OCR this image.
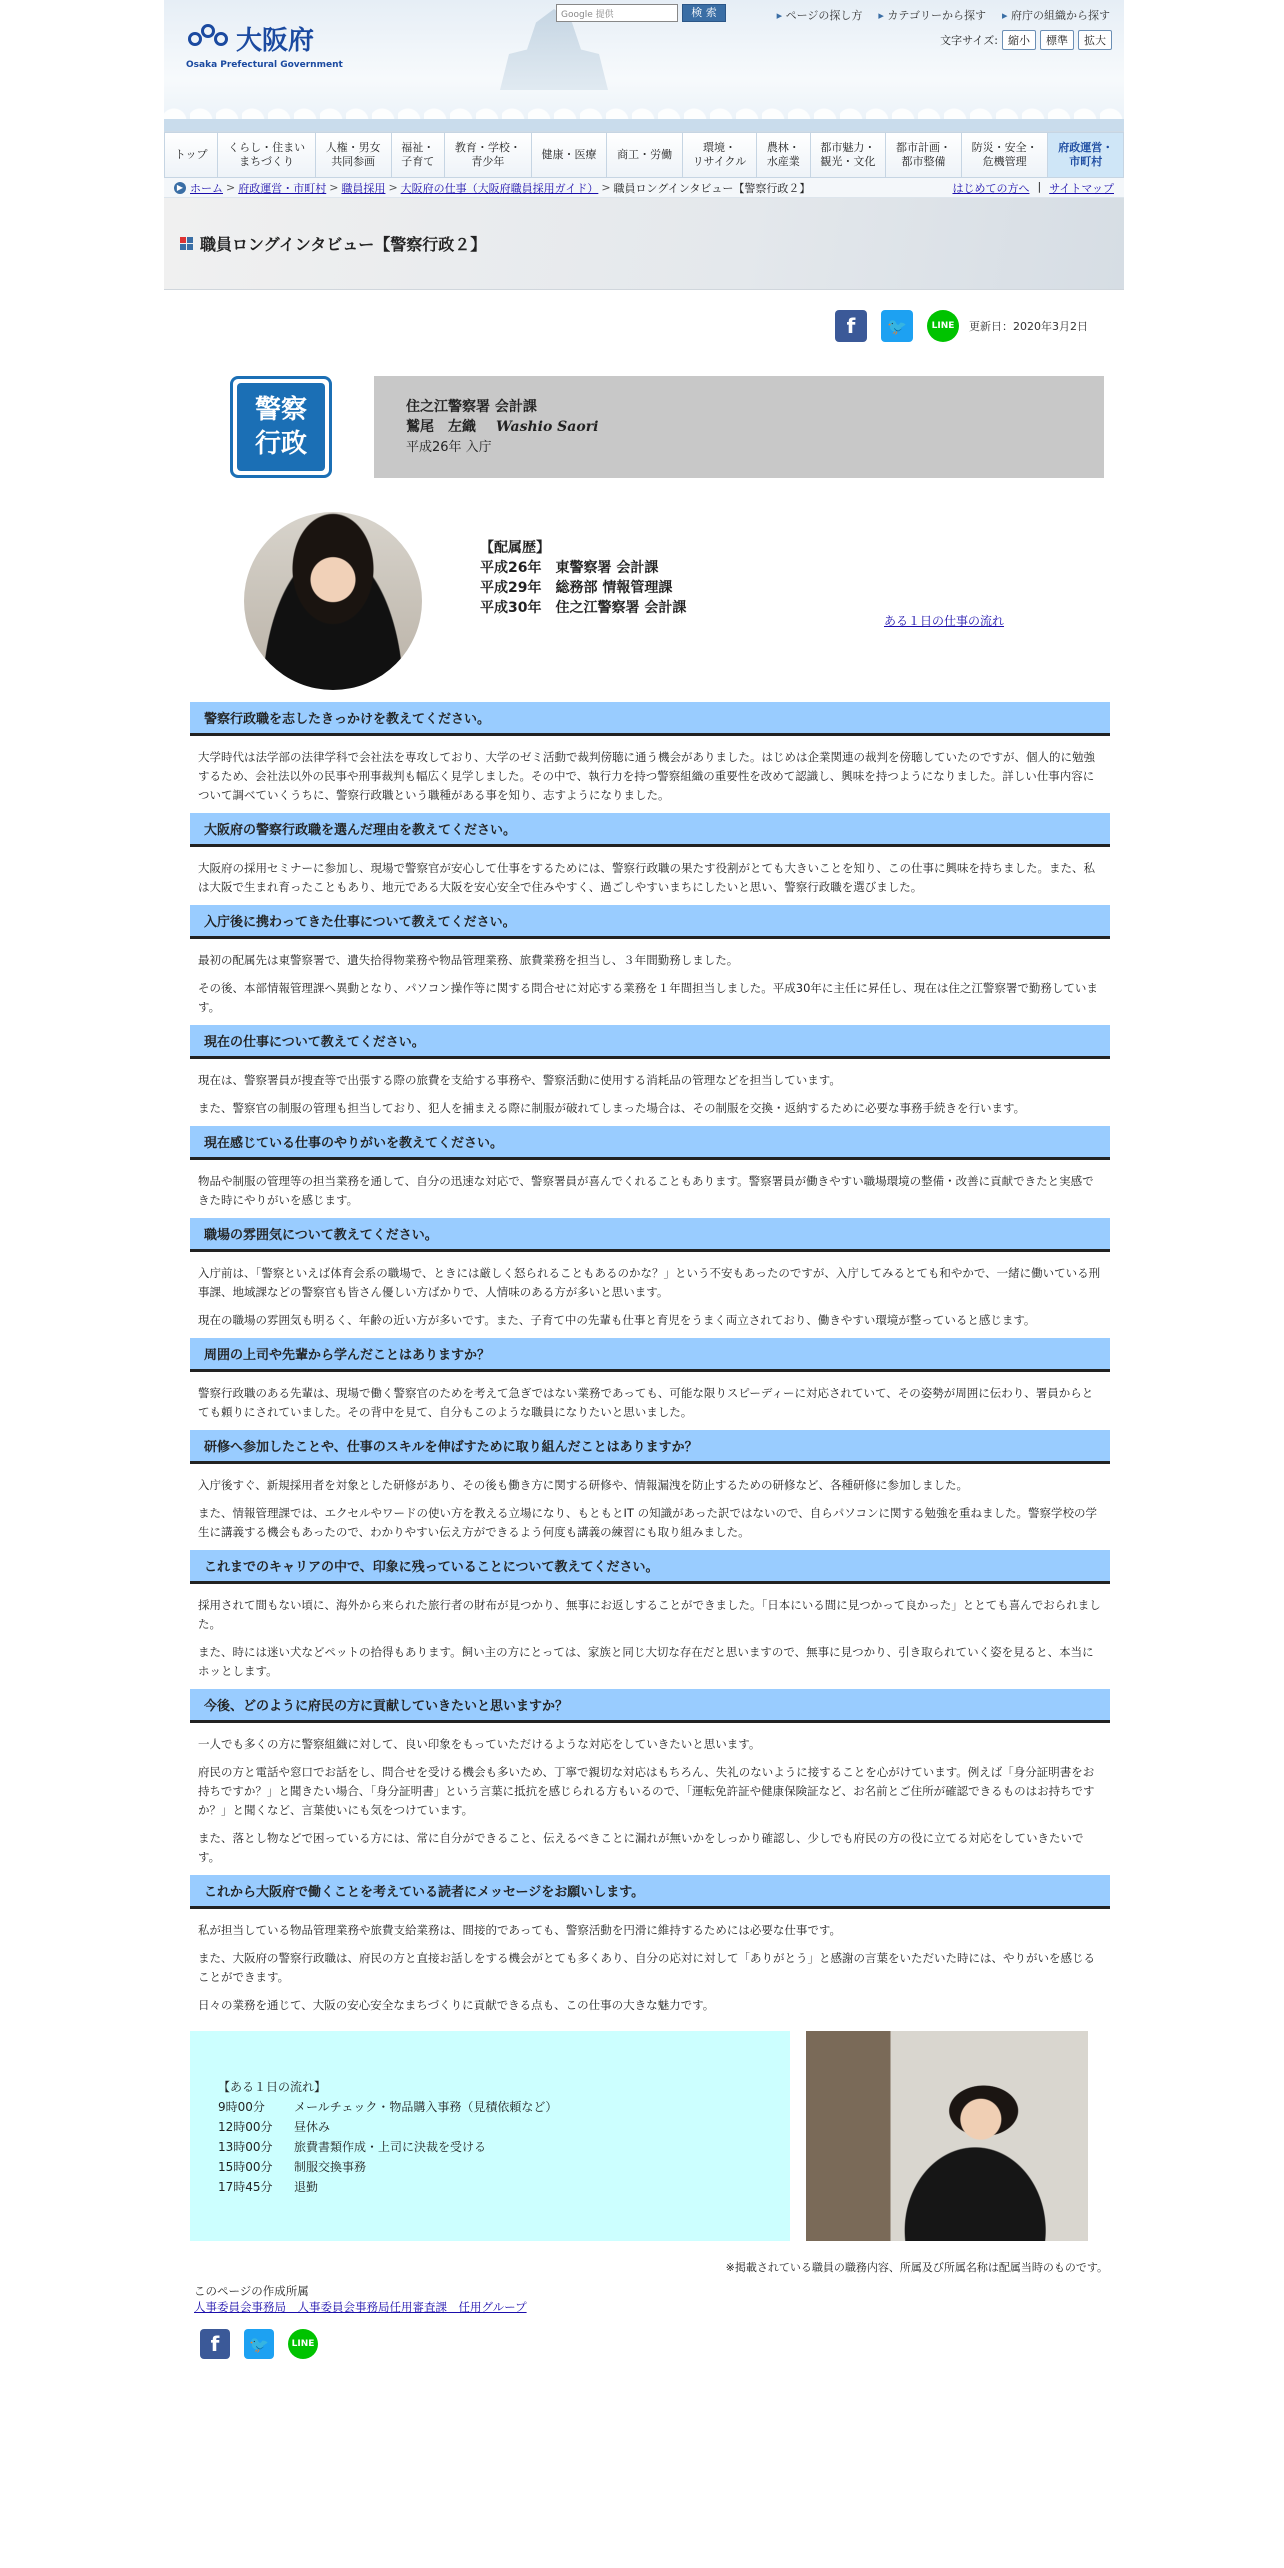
大阪府
Osaka Prefectural Government
Google 提供	検 索	▸ ページの探し方	▸ カテゴリーから探す	▸ 府庁の組織から探す
文字サイズ: 縮小	標準	拡大
トップ
くらし・住まい
まちづくり
人権・男女
共同参画
福祉・
子育て
教育・学校・
青少年
健康・医療	商工・労働
環境・
リサイクル
農林・
水産業
都市魅力・
観光・文化
都市計画・
都市整備
防災・安全・
危機管理
府政運営・
市町村
▶ ホーム > 府政運営・市町村 > 職員採用 > 大阪府の仕事（大阪府職員採用ガイド） > 職員ロングインタビュー【警察行政２】	はじめての方へ | サイトマップ
職員ロングインタビュー【警察行政２】
f	🐦	LINE	更新日：2020年3月2日
警察
行政
住之江警察署 会計課
鷲尾　左織 Washio Saori
平成26年 入庁
【配属歴】
平成26年　東警察署 会計課
平成29年　総務部 情報管理課
平成30年　住之江警察署 会計課
ある１日の仕事の流れ
警察行政職を志したきっかけを教えてください。

大学時代は法学部の法律学科で会社法を専攻しており、大学のゼミ活動で裁判傍聴に通う機会がありました。はじめは企業関連の裁判を傍聴していたのですが、個人的に勉強するため、会社法以外の民事や刑事裁判も幅広く見学しました。その中で、執行力を持つ警察組織の重要性を改めて認識し、興味を持つようになりました。詳しい仕事内容について調べていくうちに、警察行政職という職種がある事を知り、志すようになりました。

大阪府の警察行政職を選んだ理由を教えてください。

大阪府の採用セミナーに参加し、現場で警察官が安心して仕事をするためには、警察行政職の果たす役割がとても大きいことを知り、この仕事に興味を持ちました。また、私は大阪で生まれ育ったこともあり、地元である大阪を安心安全で住みやすく、過ごしやすいまちにしたいと思い、警察行政職を選びました。

入庁後に携わってきた仕事について教えてください。

最初の配属先は東警察署で、遺失拾得物業務や物品管理業務、旅費業務を担当し、３年間勤務しました。

その後、本部情報管理課へ異動となり、パソコン操作等に関する問合せに対応する業務を１年間担当しました。平成30年に主任に昇任し、現在は住之江警察署で勤務しています。

現在の仕事について教えてください。

現在は、警察署員が捜査等で出張する際の旅費を支給する事務や、警察活動に使用する消耗品の管理などを担当しています。

また、警察官の制服の管理も担当しており、犯人を捕まえる際に制服が破れてしまった場合は、その制服を交換・返納するために必要な事務手続きを行います。

現在感じている仕事のやりがいを教えてください。

物品や制服の管理等の担当業務を通して、自分の迅速な対応で、警察署員が喜んでくれることもあります。警察署員が働きやすい職場環境の整備・改善に貢献できたと実感できた時にやりがいを感じます。

職場の雰囲気について教えてください。

入庁前は、「警察といえば体育会系の職場で、ときには厳しく怒られることもあるのかな？」という不安もあったのですが、入庁してみるとても和やかで、一緒に働いている刑事課、地域課などの警察官も皆さん優しい方ばかりで、人情味のある方が多いと思います。

現在の職場の雰囲気も明るく、年齢の近い方が多いです。また、子育て中の先輩も仕事と育児をうまく両立されており、働きやすい環境が整っていると感じます。

周囲の上司や先輩から学んだことはありますか？

警察行政職のある先輩は、現場で働く警察官のためを考えて急ぎではない業務であっても、可能な限りスピーディーに対応されていて、その姿勢が周囲に伝わり、署員からとても頼りにされていました。その背中を見て、自分もこのような職員になりたいと思いました。

研修へ参加したことや、仕事のスキルを伸ばすために取り組んだことはありますか？

入庁後すぐ、新規採用者を対象とした研修があり、その後も働き方に関する研修や、情報漏洩を防止するための研修など、各種研修に参加しました。

また、情報管理課では、エクセルやワードの使い方を教える立場になり、もともとIT の知識があった訳ではないので、自らパソコンに関する勉強を重ねました。警察学校の学生に講義する機会もあったので、わかりやすい伝え方ができるよう何度も講義の練習にも取り組みました。

これまでのキャリアの中で、印象に残っていることについて教えてください。

採用されて間もない頃に、海外から来られた旅行者の財布が見つかり、無事にお返しすることができました。「日本にいる間に見つかって良かった」ととても喜んでおられました。

また、時には迷い犬などペットの拾得もあります。飼い主の方にとっては、家族と同じ大切な存在だと思いますので、無事に見つかり、引き取られていく姿を見ると、本当にホッとします。

今後、どのように府民の方に貢献していきたいと思いますか？

一人でも多くの方に警察組織に対して、良い印象をもっていただけるような対応をしていきたいと思います。

府民の方と電話や窓口でお話をし、問合せを受ける機会も多いため、丁寧で親切な対応はもちろん、失礼のないように接することを心がけています。例えば「身分証明書をお持ちですか？」と聞きたい場合、「身分証明書」という言葉に抵抗を感じられる方もいるので、「運転免許証や健康保険証など、お名前とご住所が確認できるものはお持ちですか？」と聞くなど、言葉使いにも気をつけています。

また、落とし物などで困っている方には、常に自分ができること、伝えるべきことに漏れが無いかをしっかり確認し、少しでも府民の方の役に立てる対応をしていきたいです。

これから大阪府で働くことを考えている読者にメッセージをお願いします。

私が担当している物品管理業務や旅費支給業務は、間接的であっても、警察活動を円滑に維持するためには必要な仕事です。

また、大阪府の警察行政職は、府民の方と直接お話しをする機会がとても多くあり、自分の応対に対して「ありがとう」と感謝の言葉をいただいた時には、やりがいを感じることができます。

日々の業務を通じて、大阪の安心安全なまちづくりに貢献できる点も、この仕事の大きな魅力です。

【ある１日の流れ】
9時00分	メールチェック・物品購入事務（見積依頼など）
12時00分	昼休み
13時00分	旅費書類作成・上司に決裁を受ける
15時00分	制服交換事務
17時45分	退勤
※掲載されている職員の職務内容、所属及び所属名称は配属当時のものです。
このページの作成所属
人事委員会事務局　人事委員会事務局任用審査課　任用グループ
f	🐦	LINE
